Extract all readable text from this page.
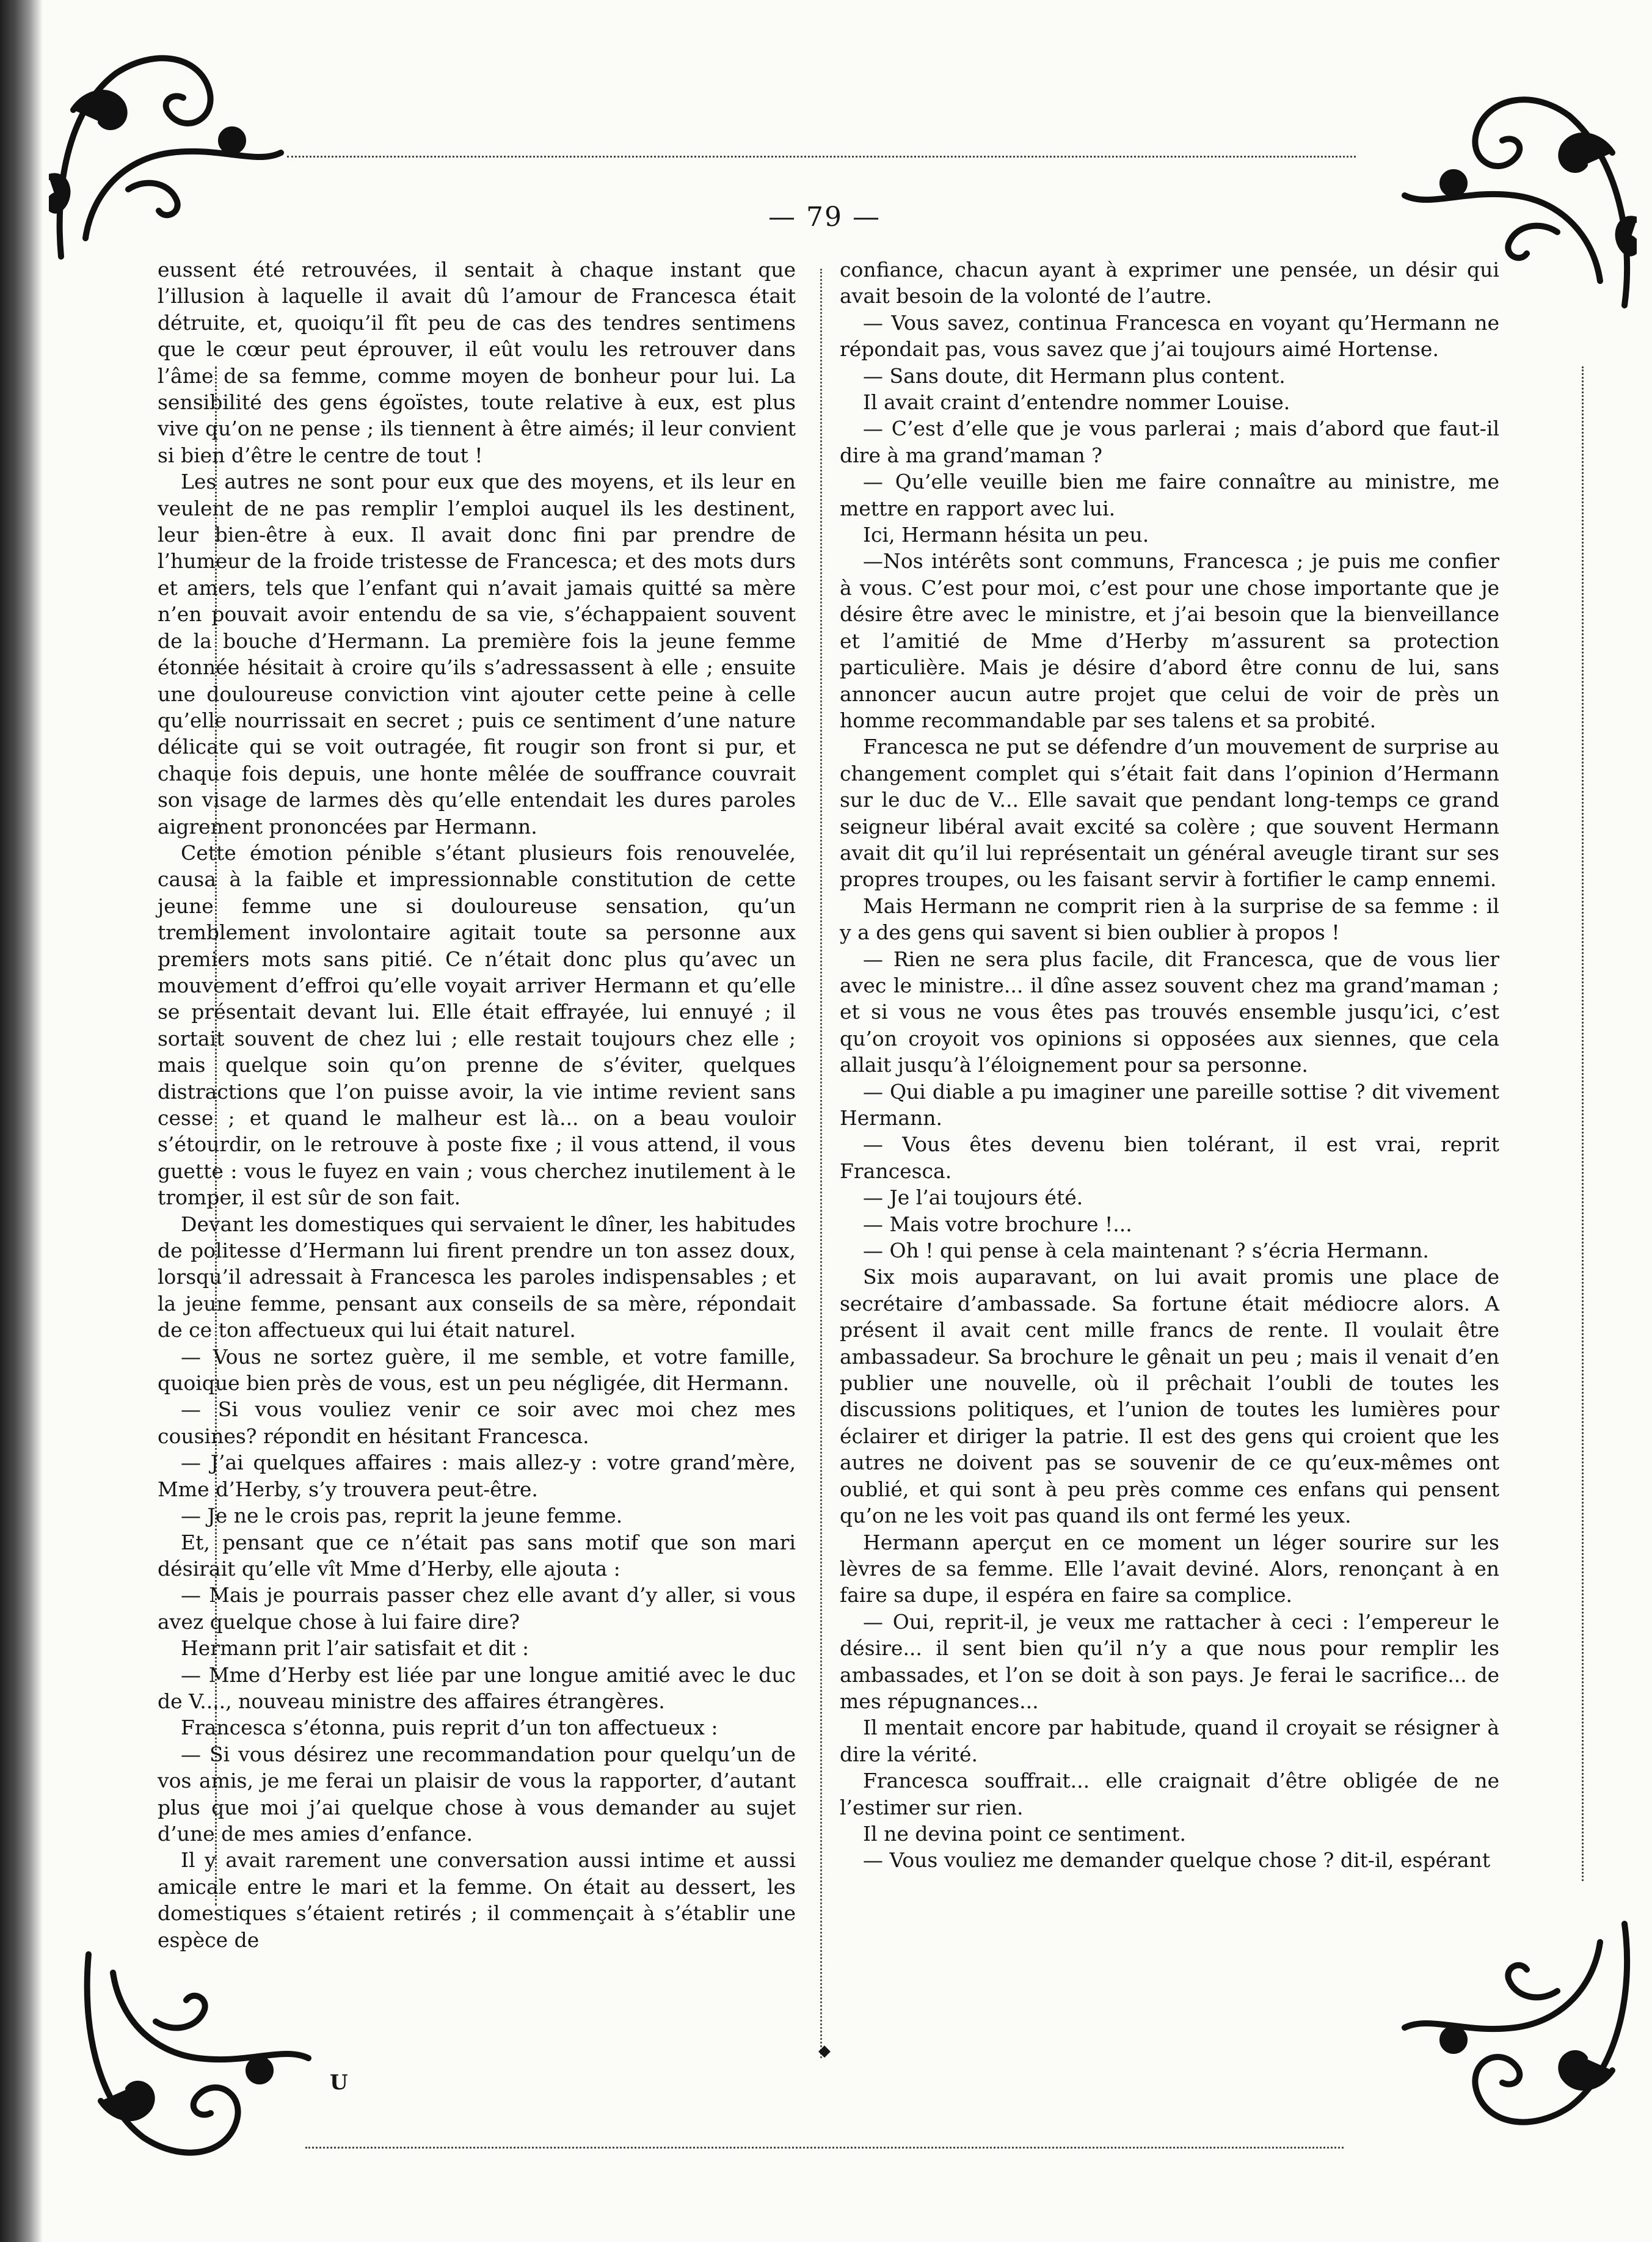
— 79 —

eussent été retrouvées, il sentait à chaque instant que l’illusion à laquelle il avait dû l’amour de Francesca était détruite, et, quoiqu’il fît peu de cas des tendres sentimens que le cœur peut éprouver, il eût voulu les retrouver dans l’âme de sa femme, comme moyen de bonheur pour lui. La sensibilité des gens égoïstes, toute relative à eux, est plus vive qu’on ne pense ; ils tiennent à être aimés; il leur convient si bien d’être le centre de tout !

Les autres ne sont pour eux que des moyens, et ils leur en veulent de ne pas remplir l’emploi auquel ils les destinent, leur bien-être à eux. Il avait donc fini par prendre de l’humeur de la froide tristesse de Francesca; et des mots durs et amers, tels que l’enfant qui n’avait jamais quitté sa mère n’en pouvait avoir entendu de sa vie, s’échappaient souvent de la bouche d’Hermann. La première fois la jeune femme étonnée hésitait à croire qu’ils s’adressassent à elle ; ensuite une douloureuse conviction vint ajouter cette peine à celle qu’elle nourrissait en secret ; puis ce sentiment d’une nature délicate qui se voit outragée, fit rougir son front si pur, et chaque fois depuis, une honte mêlée de souffrance couvrait son visage de larmes dès qu’elle entendait les dures paroles aigrement prononcées par Hermann.

Cette émotion pénible s’étant plusieurs fois renouvelée, causa à la faible et impressionnable constitution de cette jeune femme une si douloureuse sensation, qu’un tremblement involontaire agitait toute sa personne aux premiers mots sans pitié. Ce n’était donc plus qu’avec un mouvement d’effroi qu’elle voyait arriver Hermann et qu’elle se présentait devant lui. Elle était effrayée, lui ennuyé ; il sortait souvent de chez lui ; elle restait toujours chez elle ; mais quelque soin qu’on prenne de s’éviter, quelques distractions que l’on puisse avoir, la vie intime revient sans cesse ; et quand le malheur est là... on a beau vouloir s’étourdir, on le retrouve à poste fixe ; il vous attend, il vous guette : vous le fuyez en vain ; vous cherchez inutilement à le tromper, il est sûr de son fait.

Devant les domestiques qui servaient le dîner, les habitudes de politesse d’Hermann lui firent prendre un ton assez doux, lorsqu’il adressait à Francesca les paroles indispensables ; et la jeune femme, pensant aux conseils de sa mère, répondait de ce ton affectueux qui lui était naturel.

— Vous ne sortez guère, il me semble, et votre famille, quoique bien près de vous, est un peu négligée, dit Hermann.

— Si vous vouliez venir ce soir avec moi chez mes cousines? répondit en hésitant Francesca.

— J’ai quelques affaires : mais allez-y : votre grand’mère, Mme d’Herby, s’y trouvera peut-être.

— Je ne le crois pas, reprit la jeune femme.

Et, pensant que ce n’était pas sans motif que son mari désirait qu’elle vît Mme d’Herby, elle ajouta :

— Mais je pourrais passer chez elle avant d’y aller, si vous avez quelque chose à lui faire dire?

Hermann prit l’air satisfait et dit :

— Mme d’Herby est liée par une longue amitié avec le duc de V...., nouveau ministre des affaires étrangères.

Francesca s’étonna, puis reprit d’un ton affectueux :

— Si vous désirez une recommandation pour quelqu’un de vos amis, je me ferai un plaisir de vous la rapporter, d’autant plus que moi j’ai quelque chose à vous demander au sujet d’une de mes amies d’enfance.

Il y avait rarement une conversation aussi intime et aussi amicale entre le mari et la femme. On était au dessert, les domestiques s’étaient retirés ; il commençait à s’établir une espèce de

confiance, chacun ayant à exprimer une pensée, un désir qui avait besoin de la volonté de l’autre.

— Vous savez, continua Francesca en voyant qu’Hermann ne répondait pas, vous savez que j’ai toujours aimé Hortense.

— Sans doute, dit Hermann plus content.

Il avait craint d’entendre nommer Louise.

— C’est d’elle que je vous parlerai ; mais d’abord que faut-il dire à ma grand’maman ?

— Qu’elle veuille bien me faire connaître au ministre, me mettre en rapport avec lui.

Ici, Hermann hésita un peu.

—Nos intérêts sont communs, Francesca ; je puis me confier à vous. C’est pour moi, c’est pour une chose importante que je désire être avec le ministre, et j’ai besoin que la bienveillance et l’amitié de Mme d’Herby m’assurent sa protection particulière. Mais je désire d’abord être connu de lui, sans annoncer aucun autre projet que celui de voir de près un homme recommandable par ses talens et sa probité.

Francesca ne put se défendre d’un mouvement de surprise au changement complet qui s’était fait dans l’opinion d’Hermann sur le duc de V... Elle savait que pendant long-temps ce grand seigneur libéral avait excité sa colère ; que souvent Hermann avait dit qu’il lui représentait un général aveugle tirant sur ses propres troupes, ou les faisant servir à fortifier le camp ennemi.

Mais Hermann ne comprit rien à la surprise de sa femme : il y a des gens qui savent si bien oublier à propos !

— Rien ne sera plus facile, dit Francesca, que de vous lier avec le ministre... il dîne assez souvent chez ma grand’maman ; et si vous ne vous êtes pas trouvés ensemble jusqu’ici, c’est qu’on croyoit vos opinions si opposées aux siennes, que cela allait jusqu’à l’éloignement pour sa personne.

— Qui diable a pu imaginer une pareille sottise ? dit vivement Hermann.

— Vous êtes devenu bien tolérant, il est vrai, reprit Francesca.

— Je l’ai toujours été.

— Mais votre brochure !...

— Oh ! qui pense à cela maintenant ? s’écria Hermann.

Six mois auparavant, on lui avait promis une place de secrétaire d’ambassade. Sa fortune était médiocre alors. A présent il avait cent mille francs de rente. Il voulait être ambassadeur. Sa brochure le gênait un peu ; mais il venait d’en publier une nouvelle, où il prêchait l’oubli de toutes les discussions politiques, et l’union de toutes les lumières pour éclairer et diriger la patrie. Il est des gens qui croient que les autres ne doivent pas se souvenir de ce qu’eux-mêmes ont oublié, et qui sont à peu près comme ces enfans qui pensent qu’on ne les voit pas quand ils ont fermé les yeux.

Hermann aperçut en ce moment un léger sourire sur les lèvres de sa femme. Elle l’avait deviné. Alors, renonçant à en faire sa dupe, il espéra en faire sa complice.

— Oui, reprit-il, je veux me rattacher à ceci : l’empereur le désire... il sent bien qu’il n’y a que nous pour remplir les ambassades, et l’on se doit à son pays. Je ferai le sacrifice... de mes répugnances...

Il mentait encore par habitude, quand il croyait se résigner à dire la vérité.

Francesca souffrait... elle craignait d’être obligée de ne l’estimer sur rien.

Il ne devina point ce sentiment.

— Vous vouliez me demander quelque chose ? dit-il, espérant

◆
U
